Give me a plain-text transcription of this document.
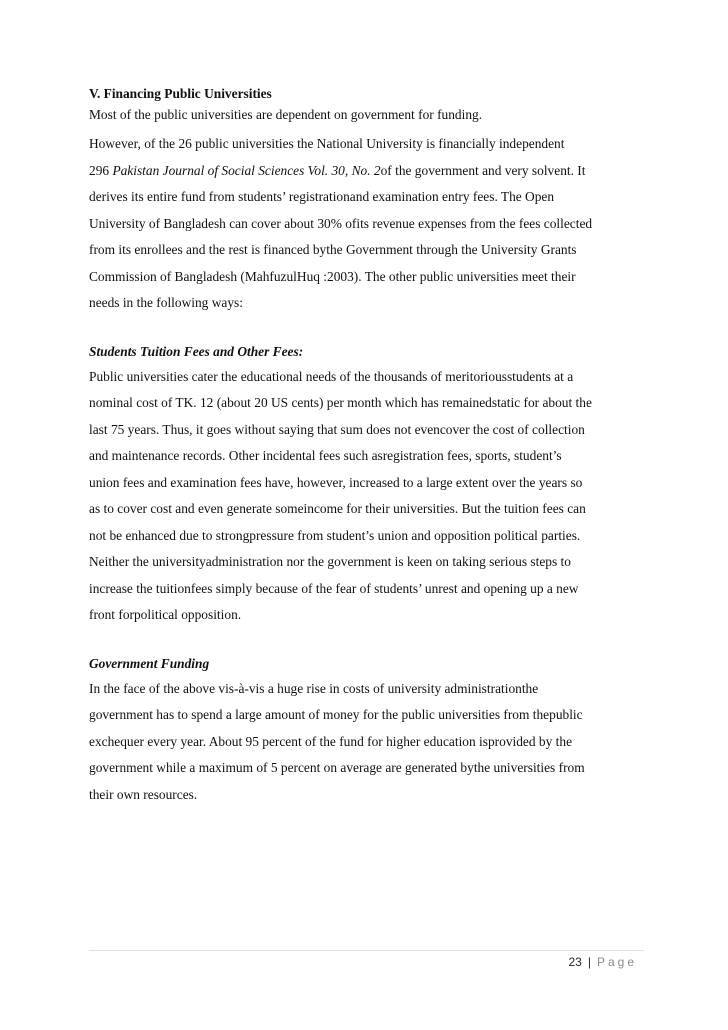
V. Financing Public Universities
Most of the public universities are dependent on government for funding.
However, of the 26 public universities the National University is financially independent
296 Pakistan Journal of Social Sciences Vol. 30, No. 2of the government and very solvent. It
derives its entire fund from students’ registrationand examination entry fees. The Open
University of Bangladesh can cover about 30% ofits revenue expenses from the fees collected
from its enrollees and the rest is financed bythe Government through the University Grants
Commission of Bangladesh (MahfuzulHuq :2003). The other public universities meet their
needs in the following ways:
Students Tuition Fees and Other Fees:
Public universities cater the educational needs of the thousands of meritoriousstudents at a
nominal cost of TK. 12 (about 20 US cents) per month which has remainedstatic for about the
last 75 years. Thus, it goes without saying that sum does not evencover the cost of collection
and maintenance records. Other incidental fees such asregistration fees, sports, student’s
union fees and examination fees have, however, increased to a large extent over the years so
as to cover cost and even generate someincome for their universities. But the tuition fees can
not be enhanced due to strongpressure from student’s union and opposition political parties.
Neither the universityadministration nor the government is keen on taking serious steps to
increase the tuitionfees simply because of the fear of students’ unrest and opening up a new
front forpolitical opposition.
Government Funding
In the face of the above vis-à-vis a huge rise in costs of university administrationthe
government has to spend a large amount of money for the public universities from thepublic
exchequer every year. About 95 percent of the fund for higher education isprovided by the
government while a maximum of 5 percent on average are generated bythe universities from
their own resources.
23 | Page
